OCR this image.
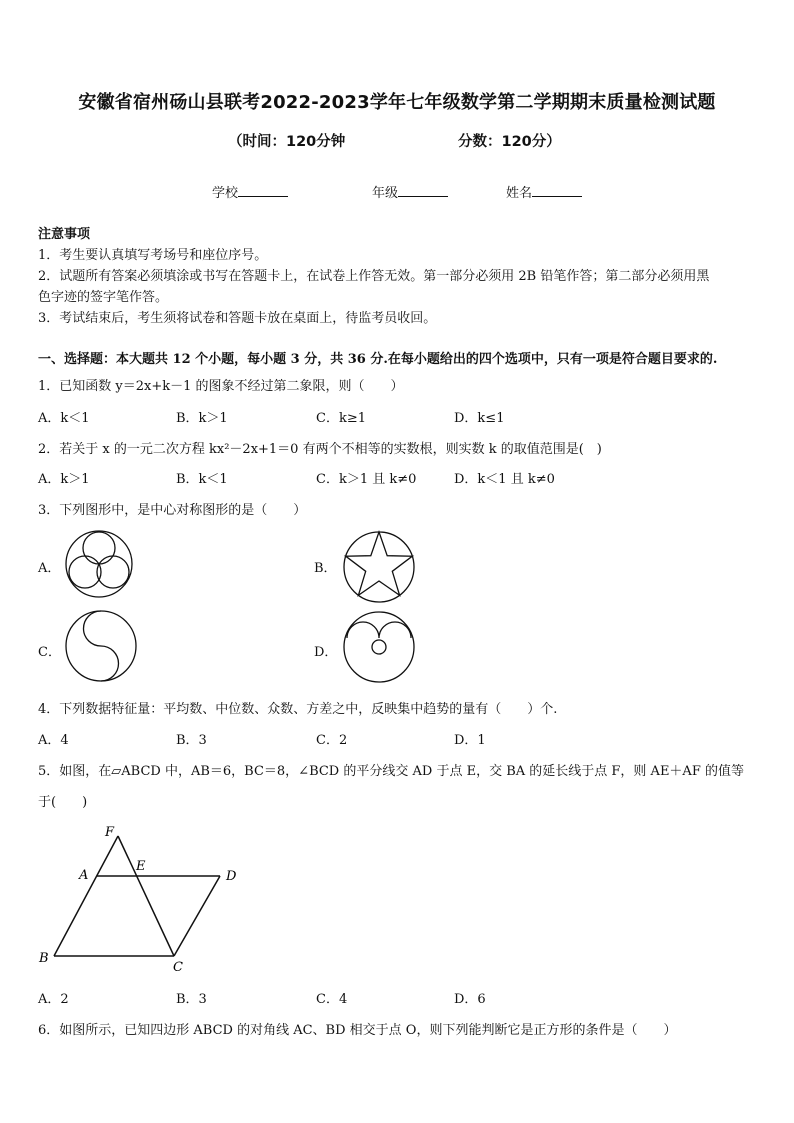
安徽省宿州砀山县联考2022-2023学年七年级数学第二学期期末质量检测试题
（时间：120分钟	分数：120分）
学校	年级	姓名
注意事项
1．考生要认真填写考场号和座位序号。
2．试题所有答案必须填涂或书写在答题卡上，在试卷上作答无效。第一部分必须用 2B 铅笔作答；第二部分必须用黑
色字迹的签字笔作答。
3．考试结束后，考生须将试卷和答题卡放在桌面上，待监考员收回。
一、选择题：本大题共 12 个小题，每小题 3 分，共 36 分.在每小题给出的四个选项中，只有一项是符合题目要求的.
1．已知函数 y＝2x+k－1 的图象不经过第二象限，则（　　）
A．k＜1	B．k＞1	C．k≥1	D．k≤1
2．若关于 x 的一元二次方程 kx²－2x+1＝0 有两个不相等的实数根，则实数 k 的取值范围是(　)
A．k＞1	B．k＜1	C．k＞1 且 k≠0	D．k＜1 且 k≠0
3．下列图形中，是中心对称图形的是（　　）
A．	B．
C．	D．
4．下列数据特征量：平均数、中位数、众数、方差之中，反映集中趋势的量有（　　）个.
A．4	B．3	C．2	D．1
5．如图，在▱ABCD 中，AB＝6，BC＝8，∠BCD 的平分线交 AD 于点 E，交 BA 的延长线于点 F，则 AE＋AF 的值等
于(　　)
F
A
E
D
B
C
A．2	B．3	C．4	D．6
6．如图所示，已知四边形 ABCD 的对角线 AC、BD 相交于点 O，则下列能判断它是正方形的条件是（　　）
